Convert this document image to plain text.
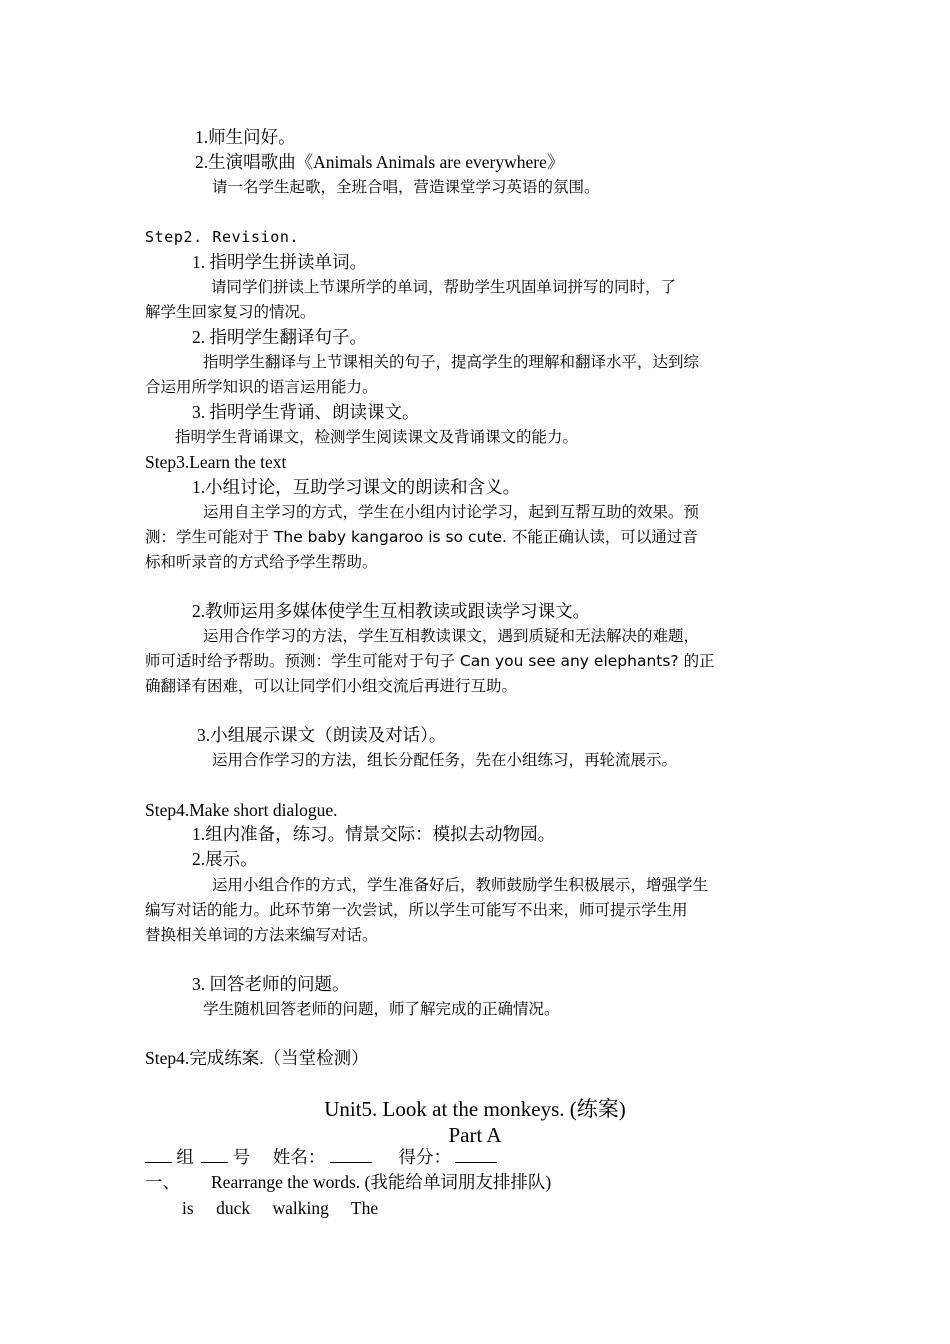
1.师生问好。
2.生演唱歌曲《Animals Animals are everywhere》
请一名学生起歌，全班合唱，营造课堂学习英语的氛围。
Step2. Revision.
1. 指明学生拼读单词。
请同学们拼读上节课所学的单词，帮助学生巩固单词拼写的同时，了
解学生回家复习的情况。
2. 指明学生翻译句子。
指明学生翻译与上节课相关的句子，提高学生的理解和翻译水平，达到综
合运用所学知识的语言运用能力。
3. 指明学生背诵、朗读课文。
指明学生背诵课文，检测学生阅读课文及背诵课文的能力。
Step3.Learn the text
1.小组讨论，互助学习课文的朗读和含义。
运用自主学习的方式，学生在小组内讨论学习，起到互帮互助的效果。预
测：学生可能对于 The baby kangaroo is so cute. 不能正确认读，可以通过音
标和听录音的方式给予学生帮助。
2.教师运用多媒体使学生互相教读或跟读学习课文。
运用合作学习的方法，学生互相教读课文，遇到质疑和无法解决的难题，
师可适时给予帮助。预测：学生可能对于句子 Can you see any elephants? 的正
确翻译有困难，可以让同学们小组交流后再进行互助。
3.小组展示课文（朗读及对话）。
运用合作学习的方法，组长分配任务，先在小组练习，再轮流展示。
Step4.Make short dialogue.
1.组内准备，练习。情景交际：模拟去动物园。
2.展示。
运用小组合作的方式，学生准备好后，教师鼓励学生积极展示，增强学生
编写对话的能力。此环节第一次尝试，所以学生可能写不出来，师可提示学生用
替换相关单词的方法来编写对话。
3. 回答老师的问题。
学生随机回答老师的问题，师了解完成的正确情况。
Step4.完成练案.（当堂检测）
Unit5. Look at the monkeys. (练案)
Part A
组 号 姓名：	得分：
一、 Rearrange the words. (我能给单词朋友排排队)
is duck walking The
